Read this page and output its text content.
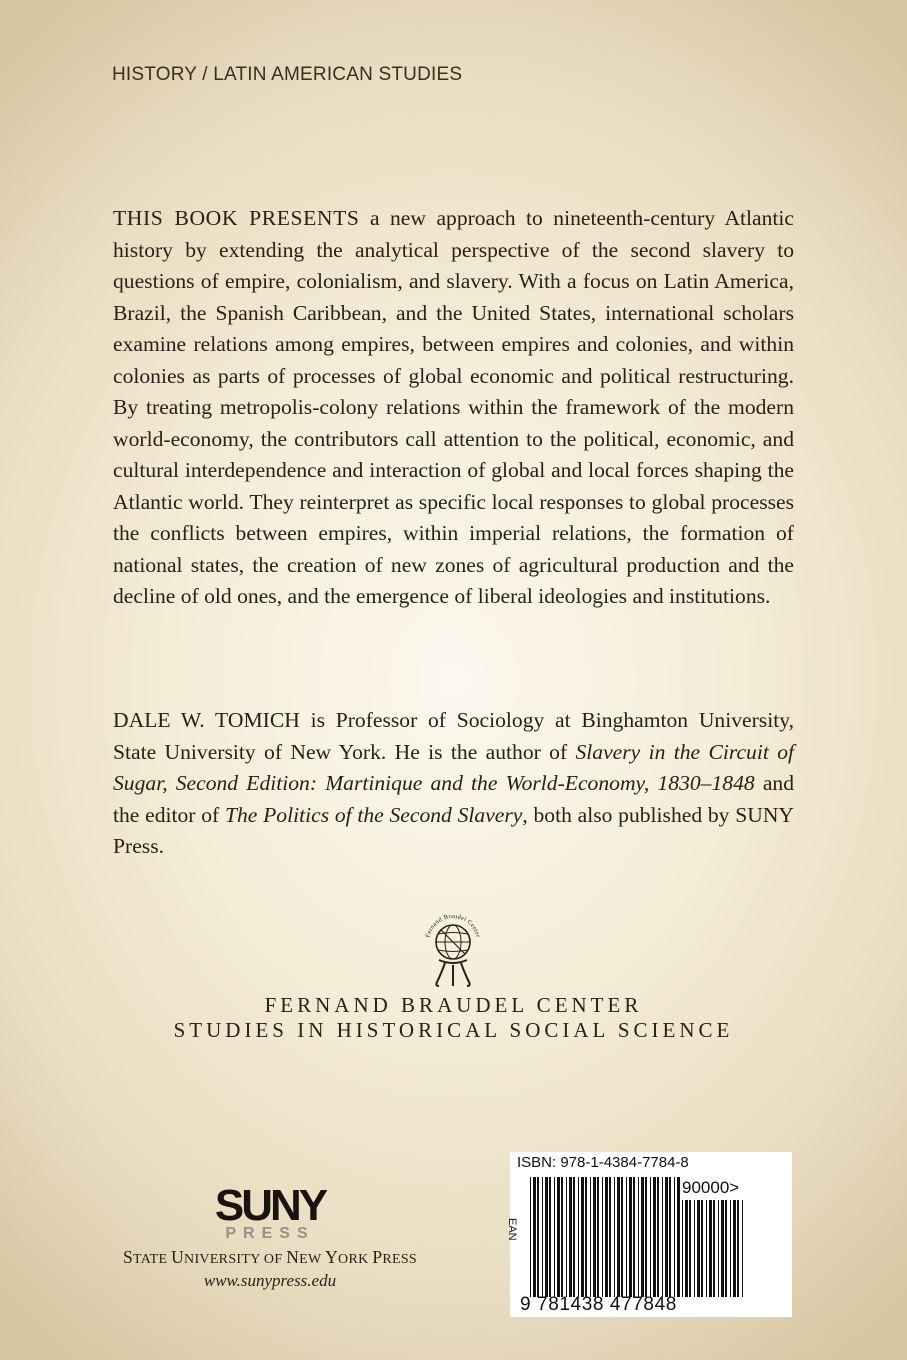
HISTORY / LATIN AMERICAN STUDIES

THIS BOOK PRESENTS a new approach to nineteenth-century Atlantic history by extending the analytical perspective of the second slavery to questions of empire, colonialism, and slavery. With a focus on Latin America, Brazil, the Spanish Caribbean, and the United States, international scholars examine relations among empires, between empires and colonies, and within colonies as parts of processes of global economic and political restructuring. By treating metropolis-colony relations within the framework of the modern world-economy, the contributors call attention to the political, economic, and cultural interdependence and interaction of global and local forces shaping the Atlantic world. They reinterpret as specific local responses to global processes the conflicts between empires, within imperial relations, the formation of national states, the creation of new zones of agricultural production and the decline of old ones, and the emergence of liberal ideologies and institutions.

DALE W. TOMICH is Professor of Sociology at Binghamton University, State University of New York. He is the author of Slavery in the Circuit of Sugar, Second Edition: Martinique and the World-Economy, 1830–1848 and the editor of The Politics of the Second Slavery, both also published by SUNY Press.

Fernand Braudel Center
FERNAND BRAUDEL CENTER
STUDIES IN HISTORICAL SOCIAL SCIENCE
SUNY
PRESS
STATE UNIVERSITY OF NEW YORK PRESS
www.sunypress.edu
ISBN: 978-1-4384-7784-8
EAN
90000>
9 781438 477848
